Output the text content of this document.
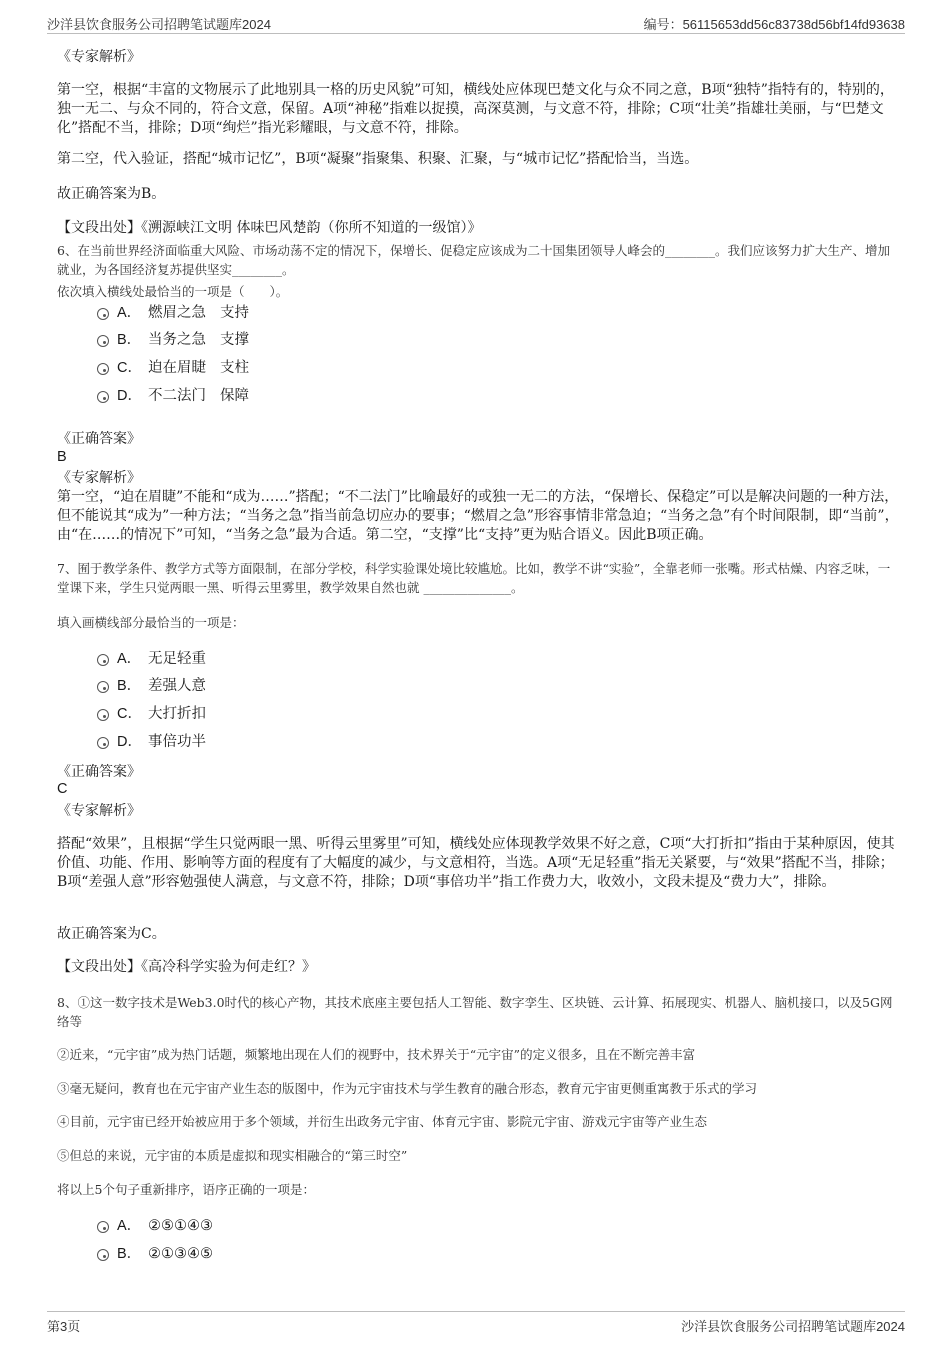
沙洋县饮食服务公司招聘笔试题库2024	编号：56115653dd56c83738d56bf14fd93638
《专家解析》
第一空，根据“丰富的文物展示了此地别具一格的历史风貌”可知，横线处应体现巴楚文化与众不同之意，B项“独特”指特有的，特别的，独一无二、与众不同的，符合文意，保留。A项“神秘”指难以捉摸，高深莫测，与文意不符，排除；C项“壮美”指雄壮美丽，与“巴楚文化”搭配不当，排除；D项“绚烂”指光彩耀眼，与文意不符，排除。
第二空，代入验证，搭配“城市记忆”，B项“凝聚”指聚集、积聚、汇聚，与“城市记忆”搭配恰当，当选。
故正确答案为B。
【文段出处】《溯源峡江文明 体味巴风楚韵（你所不知道的一级馆）》
6、在当前世界经济面临重大风险、市场动荡不定的情况下，保增长、促稳定应该成为二十国集团领导人峰会的________。我们应该努力扩大生产、增加就业，为各国经济复苏提供坚实________。
依次填入横线处最恰当的一项是（　　）。
A． 燃眉之急 支持
B． 当务之急 支撑
C． 迫在眉睫 支柱
D． 不二法门 保障
《正确答案》
B
《专家解析》
第一空，“迫在眉睫”不能和“成为……”搭配；“不二法门”比喻最好的或独一无二的方法，“保增长、保稳定”可以是解决问题的一种方法，但不能说其“成为”一种方法；“当务之急”指当前急切应办的要事；“燃眉之急”形容事情非常急迫；“当务之急”有个时间限制，即“当前”，由“在……的情况下”可知，“当务之急”最为合适。第二空，“支撑”比“支持”更为贴合语义。因此B项正确。
7、囿于教学条件、教学方式等方面限制，在部分学校，科学实验课处境比较尴尬。比如，教学不讲“实验”，全靠老师一张嘴。形式枯燥、内容乏味，一堂课下来，学生只觉两眼一黑、听得云里雾里，教学效果自然也就 ______________。
填入画横线部分最恰当的一项是：
A． 无足轻重
B． 差强人意
C． 大打折扣
D． 事倍功半
《正确答案》
C
《专家解析》
搭配“效果”，且根据“学生只觉两眼一黑、听得云里雾里”可知，横线处应体现教学效果不好之意，C项“大打折扣”指由于某种原因，使其价值、功能、作用、影响等方面的程度有了大幅度的减少，与文意相符，当选。A项“无足轻重”指无关紧要，与“效果”搭配不当，排除；B项“差强人意”形容勉强使人满意，与文意不符，排除；D项“事倍功半”指工作费力大，收效小，文段未提及“费力大”，排除。
故正确答案为C。
【文段出处】《高冷科学实验为何走红？》
8、①这一数字技术是Web3.0时代的核心产物，其技术底座主要包括人工智能、数字孪生、区块链、云计算、拓展现实、机器人、脑机接口，以及5G网络等
②近来，“元宇宙”成为热门话题，频繁地出现在人们的视野中，技术界关于“元宇宙”的定义很多，且在不断完善丰富
③毫无疑问，教育也在元宇宙产业生态的版图中，作为元宇宙技术与学生教育的融合形态，教育元宇宙更侧重寓教于乐式的学习
④目前，元宇宙已经开始被应用于多个领域，并衍生出政务元宇宙、体育元宇宙、影院元宇宙、游戏元宇宙等产业生态
⑤但总的来说，元宇宙的本质是虚拟和现实相融合的“第三时空”
将以上5个句子重新排序，语序正确的一项是：
A． ②⑤①④③
B． ②①③④⑤
第3页	沙洋县饮食服务公司招聘笔试题库2024
